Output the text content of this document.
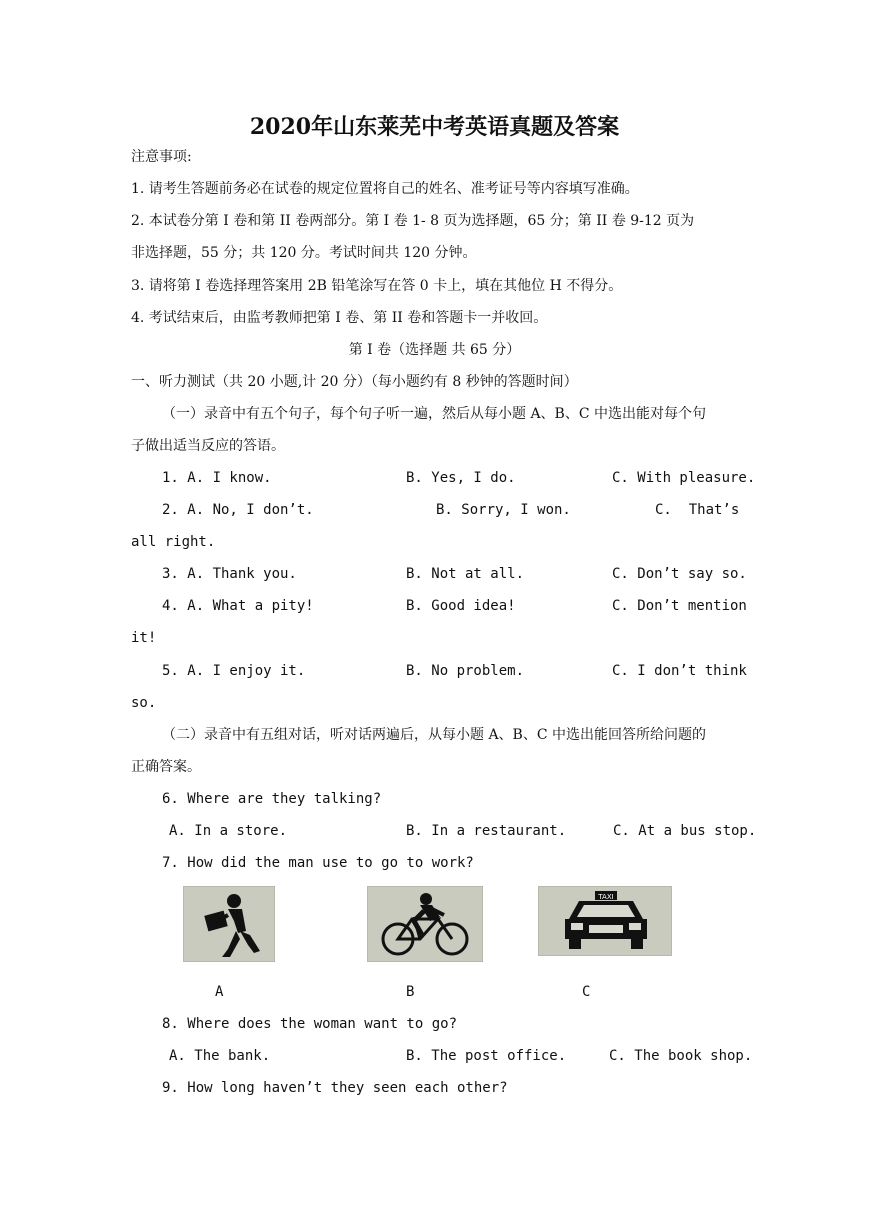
2020年山东莱芜中考英语真题及答案
注意事项:
1. 请考生答题前务必在试卷的规定位置将自己的姓名、准考证号等内容填写准确。
2. 本试卷分第 I 卷和第 II 卷两部分。第 I 卷 1- 8 页为选择题，65 分；第 II 卷 9-12 页为
非选择题，55 分；共 120 分。考试时间共 120 分钟。
3. 请将第 I 卷选择理答案用 2B 铅笔涂写在答 0 卡上，填在其他位 H 不得分。
4. 考试结束后，由监考教师把第 I 卷、第 II 卷和答题卡一并收回。
第 I 卷（选择题 共 65 分）
一、听力测试（共 20 小题,计 20 分）（每小题约有 8 秒钟的答题时间）
（一）录音中有五个句子，每个句子听一遍，然后从每小题 A、B、C 中选出能对每个句
子做出适当反应的答语。
1. A. I know.	B. Yes, I do.	C. With pleasure.
2. A. No, I don’t.	B. Sorry, I won.	C.  That’s
all right.
3. A. Thank you.	B. Not at all.	C. Don’t say so.
4. A. What a pity!	B. Good idea!	C. Don’t mention
it!
5. A. I enjoy it.	B. No problem.	C. I don’t think
so.
（二）录音中有五组对话，听对话两遍后，从每小题 A、B、C 中选出能回答所给问题的
正确答案。
6. Where are they talking?
A. In a store.	B. In a restaurant.	C. At a bus stop.
7. How did the man use to go to work?
TAXI
A	B	C
8. Where does the woman want to go?
A. The bank.	B. The post office.	C. The book shop.
9. How long haven’t they seen each other?
